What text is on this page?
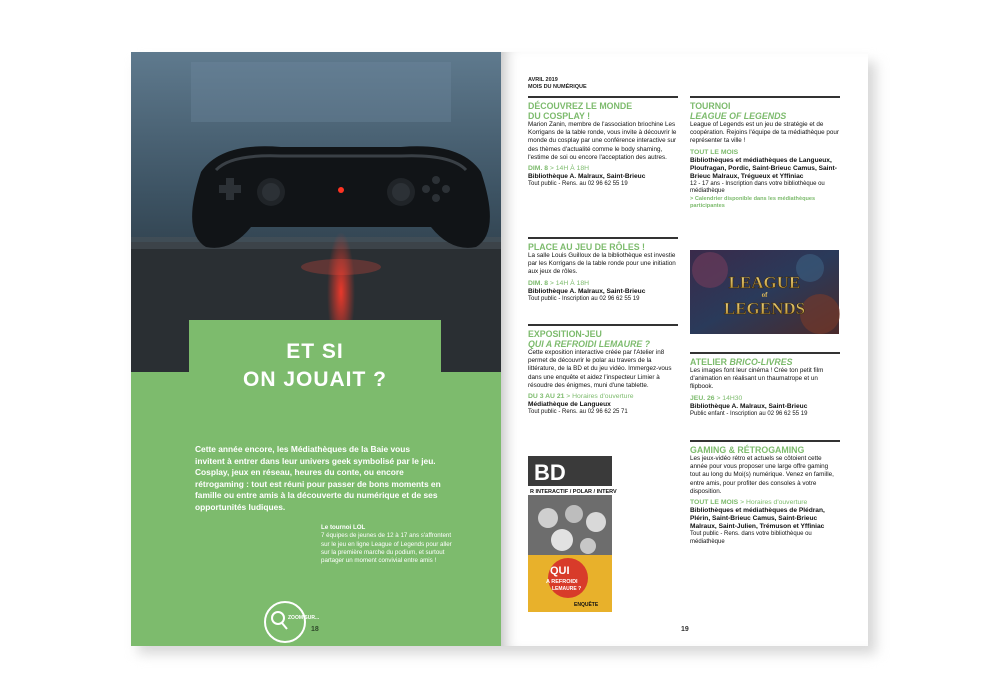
ET SI
ON JOUAIT ?

Cette année encore, les Médiathèques de la Baie vous invitent à entrer dans leur univers geek symbolisé par le jeu. Cosplay, jeux en réseau, heures du conte, ou encore rétrogaming : tout est réuni pour passer de bons moments en famille ou entre amis à la découverte du numérique et de ses opportunités ludiques.

Le tournoi LOL
7 équipes de jeunes de 12 à 17 ans s'affrontent sur le jeu en ligne League of Legends pour aller sur la première marche du podium, et surtout partager un moment convivial entre amis !
ZOOM SUR...
18
AVRIL 2019
MOIS DU NUMÉRIQUE
DÉCOUVREZ LE MONDE
DU COSPLAY !

Marion Zanin, membre de l'association briochine Les Korrigans de la table ronde, vous invite à découvrir le monde du cosplay par une conférence interactive sur des thèmes d'actualité comme le body shaming, l'estime de soi ou encore l'acceptation des autres.

DIM. 8 > 14H À 18H
Bibliothèque A. Malraux, Saint-Brieuc
Tout public - Rens. au 02 96 62 55 19
PLACE AU JEU DE RÔLES !

La salle Louis Guilloux de la bibliothèque est investie par les Korrigans de la table ronde pour une initiation aux jeux de rôles.

DIM. 8 > 14H À 18H
Bibliothèque A. Malraux, Saint-Brieuc
Tout public - Inscription au 02 96 62 55 19
EXPOSITION-JEU
QUI A REFROIDI LEMAURE ?

Cette exposition interactive créée par l'Atelier in8 permet de découvrir le polar au travers de la littérature, de la BD et du jeu vidéo. Immergez-vous dans une enquête et aidez l'inspecteur Limier à résoudre des énigmes, muni d'une tablette.

DU 3 AU 21 > Horaires d'ouverture
Médiathèque de Langueux
Tout public - Rens. au 02 96 62 25 71
BD
R INTERACTIF / POLAR / INTERV
QUI
A REFROIDI
LEMAURE ?
ENQUÊTE
TOURNOI
LEAGUE OF LEGENDS

League of Legends est un jeu de stratégie et de coopération. Rejoins l'équipe de ta médiathèque pour représenter ta ville !

TOUT LE MOIS
Bibliothèques et médiathèques de Langueux, Ploufragan, Pordic, Saint-Brieuc Camus, Saint-Brieuc Malraux, Trégueux et Yffiniac
12 - 17 ans - Inscription dans votre bibliothèque ou médiathèque
> Calendrier disponible dans les médiathèques participantes
LEAGUE
of
LEGENDS
ATELIER BRICO-LIVRES

Les images font leur cinéma ! Crée ton petit film d'animation en réalisant un thaumatrope et un flipbook.

JEU. 26 > 14H30
Bibliothèque A. Malraux, Saint-Brieuc
Public enfant - Inscription au 02 96 62 55 19
GAMING & RÉTROGAMING

Les jeux-vidéo rétro et actuels se côtoient cette année pour vous proposer une large offre gaming tout au long du Moi(s) numérique. Venez en famille, entre amis, pour profiter des consoles à votre disposition.

TOUT LE MOIS > Horaires d'ouverture
Bibliothèques et médiathèques de Plédran, Plérin, Saint-Brieuc Camus, Saint-Brieuc Malraux, Saint-Julien, Trémuson et Yffiniac
Tout public - Rens. dans votre bibliothèque ou médiathèque
19
